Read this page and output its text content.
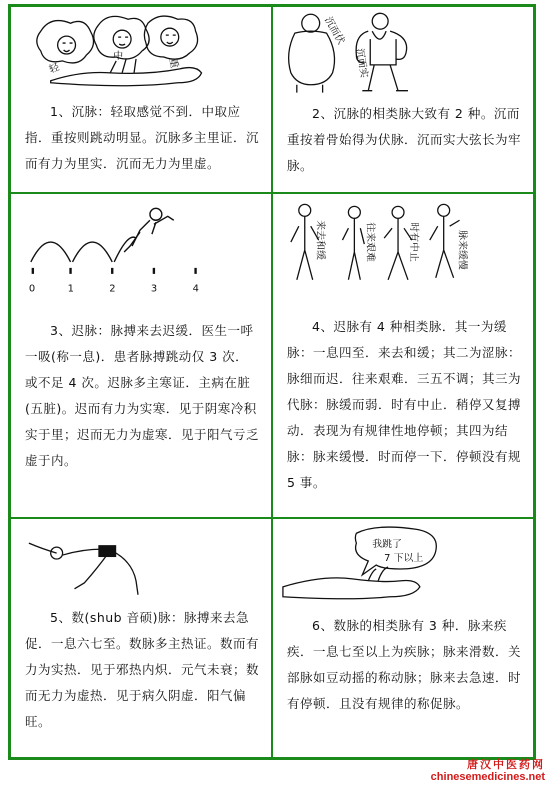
轻
中
重

1、沉脉：轻取感觉不到．中取应指．重按则跳动明显。沉脉多主里证．沉而有力为里实．沉而无力为里虚。

沉而伏
沉而实

2、沉脉的相类脉大致有 2 种。沉而重按着骨始得为伏脉．沉而实大弦长为牢脉。

0	1	2	3	4

3、迟脉：脉搏来去迟缓．医生一呼一吸(称一息)．患者脉搏跳动仅 3 次．或不足 4 次。迟脉多主寒证．主病在脏(五脏)。迟而有力为实寒．见于阴寒冷积实于里；迟而无力为虚寒．见于阳气亏乏虚于内。

来去和缓	往来艰难	时有中止	脉来缓慢

4、迟脉有 4 种相类脉．其一为缓脉：一息四至．来去和缓；其二为涩脉：脉细而迟．往来艰难．三五不调；其三为代脉：脉缓而弱．时有中止．稍停又复搏动．表现为有规律性地停顿；其四为结脉：脉来缓慢．时而停一下．停顿没有规 5 事。

5、数(shub 音硕)脉：脉搏来去急促．一息六七至。数脉多主热证。数而有力为实热．见于邪热内炽．元气未衰；数而无力为虚热．见于病久阴虚．阳气偏旺。

我跳了
7 下以上

6、数脉的相类脉有 3 种．脉来疾疾．一息七至以上为疾脉；脉来滑数．关部脉如豆动摇的称动脉；脉来去急速．时有停顿．且没有规律的称促脉。

唐汉中医药网
chinesemedicines.net
